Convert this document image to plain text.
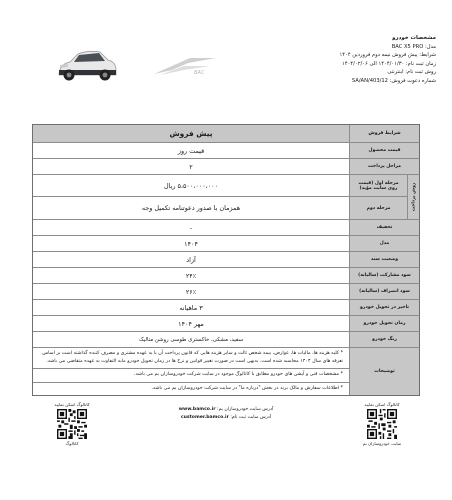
BAC
مشخصات خودرو
مدل: BAC X5 PRO
شرایط: پیش فروش نیمه دوم فروردین ۱۴۰۴
زمان ثبت نام: ۱۴۰۴/۰۱/۳۰ الی ۱۴۰۴/۰۲/۰۶
روش ثبت نام: اینترنتی
شماره دعوت فروش: SA/AN/403/12
شرایط فروش
پیش فروش
قیمت محصول
قیمت روز
مراحل پرداخت
۲
روش پرداخت
مرحله اول (قیمت روی سایت مؤید)
۵،۵۰۰،۰۰۰،۰۰۰ ریال
مرحله دوم
همزمان با صدور دعوتنامه تکمیل وجه
تخفیف
-
مدل
۱۴۰۴
وضعیت سند
آزاد
سود مشارکت (سالیانه)
۲۴٪
سود انصراف (سالیانه)
۲۶٪
تاخیر در تحویل خودرو
۳ ماهیانه
زمان تحویل خودرو
مهر ۱۴۰۴
رنگ خودرو
سفید، مشکی، خاکستری طوسی روشن متالیک
توضیحات
* کلیه هزینه ها، مالیات ها، عوارض، بیمه شخص ثالث و سایر هزینه هایی که قانون پرداخت آن با به عهده مشتری و مصرف کننده گذاشته است بر اساس تعرفه های سال ۱۴۰۴ محاسبه شده است. بدیهی است در صورت تغییر قوانین و نرخ ها در زمان تحویل خودرو مابه التفاوت به عهده متقاضی می باشد.
* مشخصات فنی و آپشن های خودرو مطابق با کاتالوگ موجود در سایت شرکت خودروسازان بم می باشد.
* اطلاعات سفارش و مالک برند در بخش "درباره ما" در سایت شرکت خودروسازان بم می باشد.
کاتالوگ اسکن نمایید
کاتالوگ
آدرس سایت خودروسازان بم: www.bamco.ir
آدرس سایت ثبت نام: customer.bamco.ir
کاتالوگ اسکن نمایید
سایت خودروسازان بم
